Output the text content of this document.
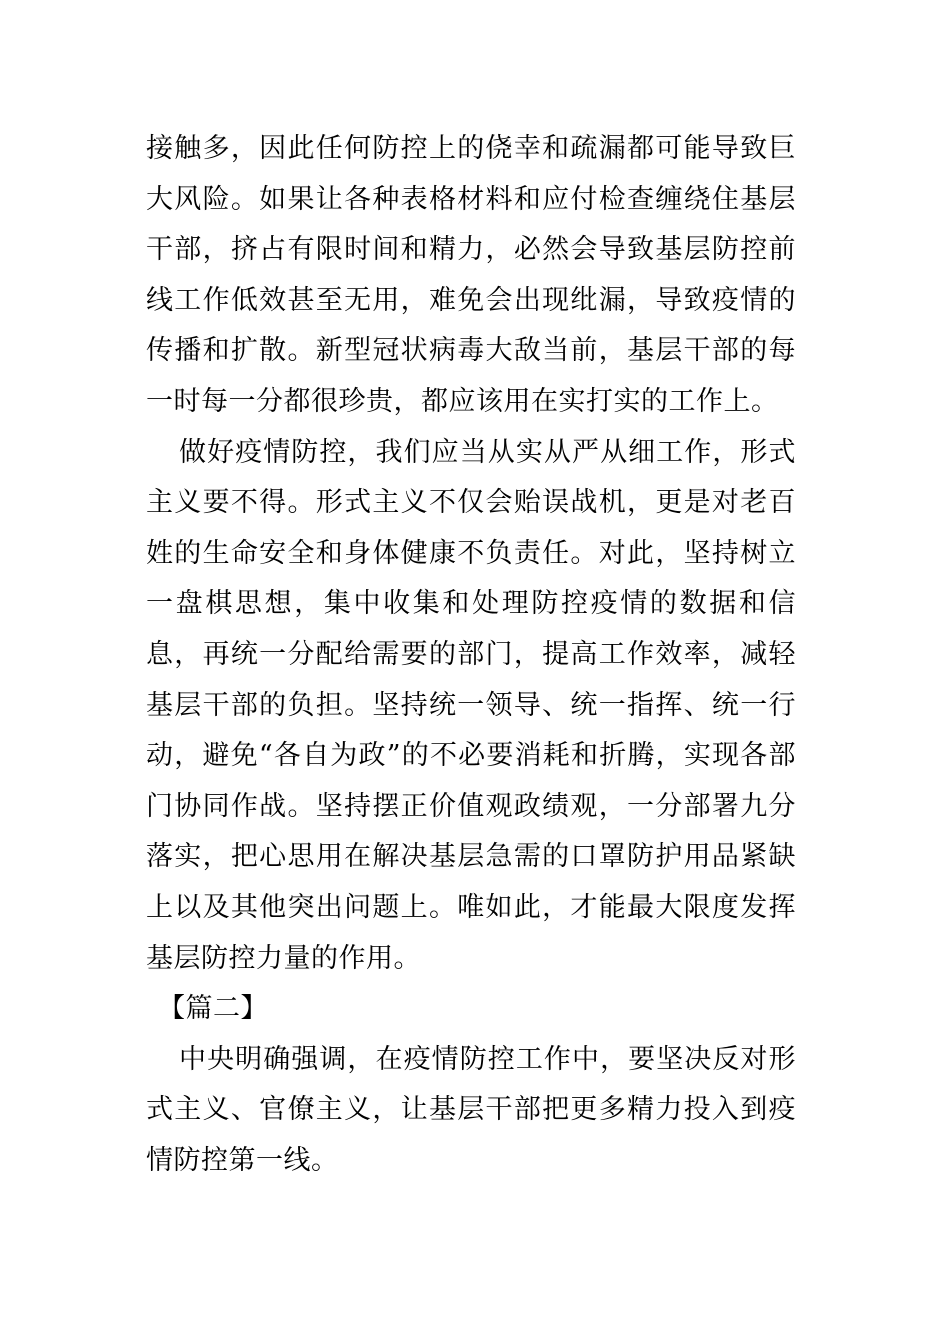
接触多，因此任何防控上的侥幸和疏漏都可能导致巨大风险。如果让各种表格材料和应付检查缠绕住基层干部，挤占有限时间和精力，必然会导致基层防控前线工作低效甚至无用，难免会出现纰漏，导致疫情的传播和扩散。新型冠状病毒大敌当前，基层干部的每一时每一分都很珍贵，都应该用在实打实的工作上。

做好疫情防控，我们应当从实从严从细工作，形式主义要不得。形式主义不仅会贻误战机，更是对老百姓的生命安全和身体健康不负责任。对此，坚持树立一盘棋思想，集中收集和处理防控疫情的数据和信息，再统一分配给需要的部门，提高工作效率，减轻基层干部的负担。坚持统一领导、统一指挥、统一行动，避免“各自为政”的不必要消耗和折腾，实现各部门协同作战。坚持摆正价值观政绩观，一分部署九分落实，把心思用在解决基层急需的口罩防护用品紧缺上以及其他突出问题上。唯如此，才能最大限度发挥基层防控力量的作用。

【篇二】

中央明确强调，在疫情防控工作中，要坚决反对形式主义、官僚主义，让基层干部把更多精力投入到疫情防控第一线。
